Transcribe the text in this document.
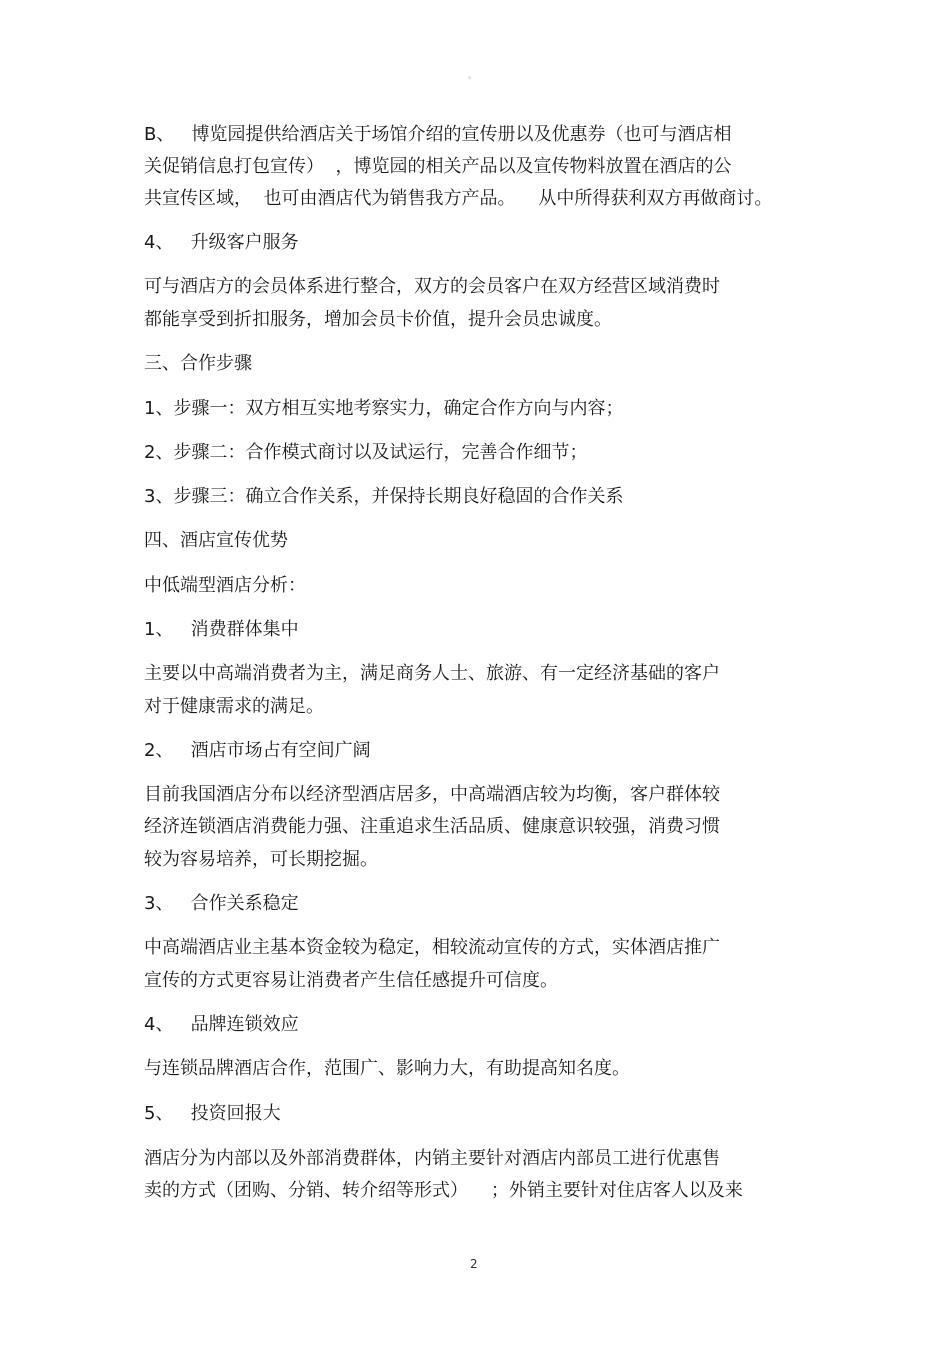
。
B、   博览园提供给酒店关于场馆介绍的宣传册以及优惠券（也可与酒店相
关促销信息打包宣传）  ，博览园的相关产品以及宣传物料放置在酒店的公
共宣传区域，  也可由酒店代为销售我方产品。    从中所得获利双方再做商讨。
4、   升级客户服务
可与酒店方的会员体系进行整合，双方的会员客户在双方经营区域消费时
都能享受到折扣服务，增加会员卡价值，提升会员忠诚度。
三、合作步骤
1、步骤一：双方相互实地考察实力，确定合作方向与内容；
2、步骤二：合作模式商讨以及试运行，完善合作细节；
3、步骤三：确立合作关系，并保持长期良好稳固的合作关系
四、酒店宣传优势
中低端型酒店分析：
1、   消费群体集中
主要以中高端消费者为主，满足商务人士、旅游、有一定经济基础的客户
对于健康需求的满足。
2、   酒店市场占有空间广阔
目前我国酒店分布以经济型酒店居多，中高端酒店较为均衡，客户群体较
经济连锁酒店消费能力强、注重追求生活品质、健康意识较强，消费习惯
较为容易培养，可长期挖掘。
3、   合作关系稳定
中高端酒店业主基本资金较为稳定，相较流动宣传的方式，实体酒店推广
宣传的方式更容易让消费者产生信任感提升可信度。
4、   品牌连锁效应
与连锁品牌酒店合作，范围广、影响力大，有助提高知名度。
5、   投资回报大
酒店分为内部以及外部消费群体，内销主要针对酒店内部员工进行优惠售
卖的方式（团购、分销、转介绍等形式）    ；外销主要针对住店客人以及来
2
